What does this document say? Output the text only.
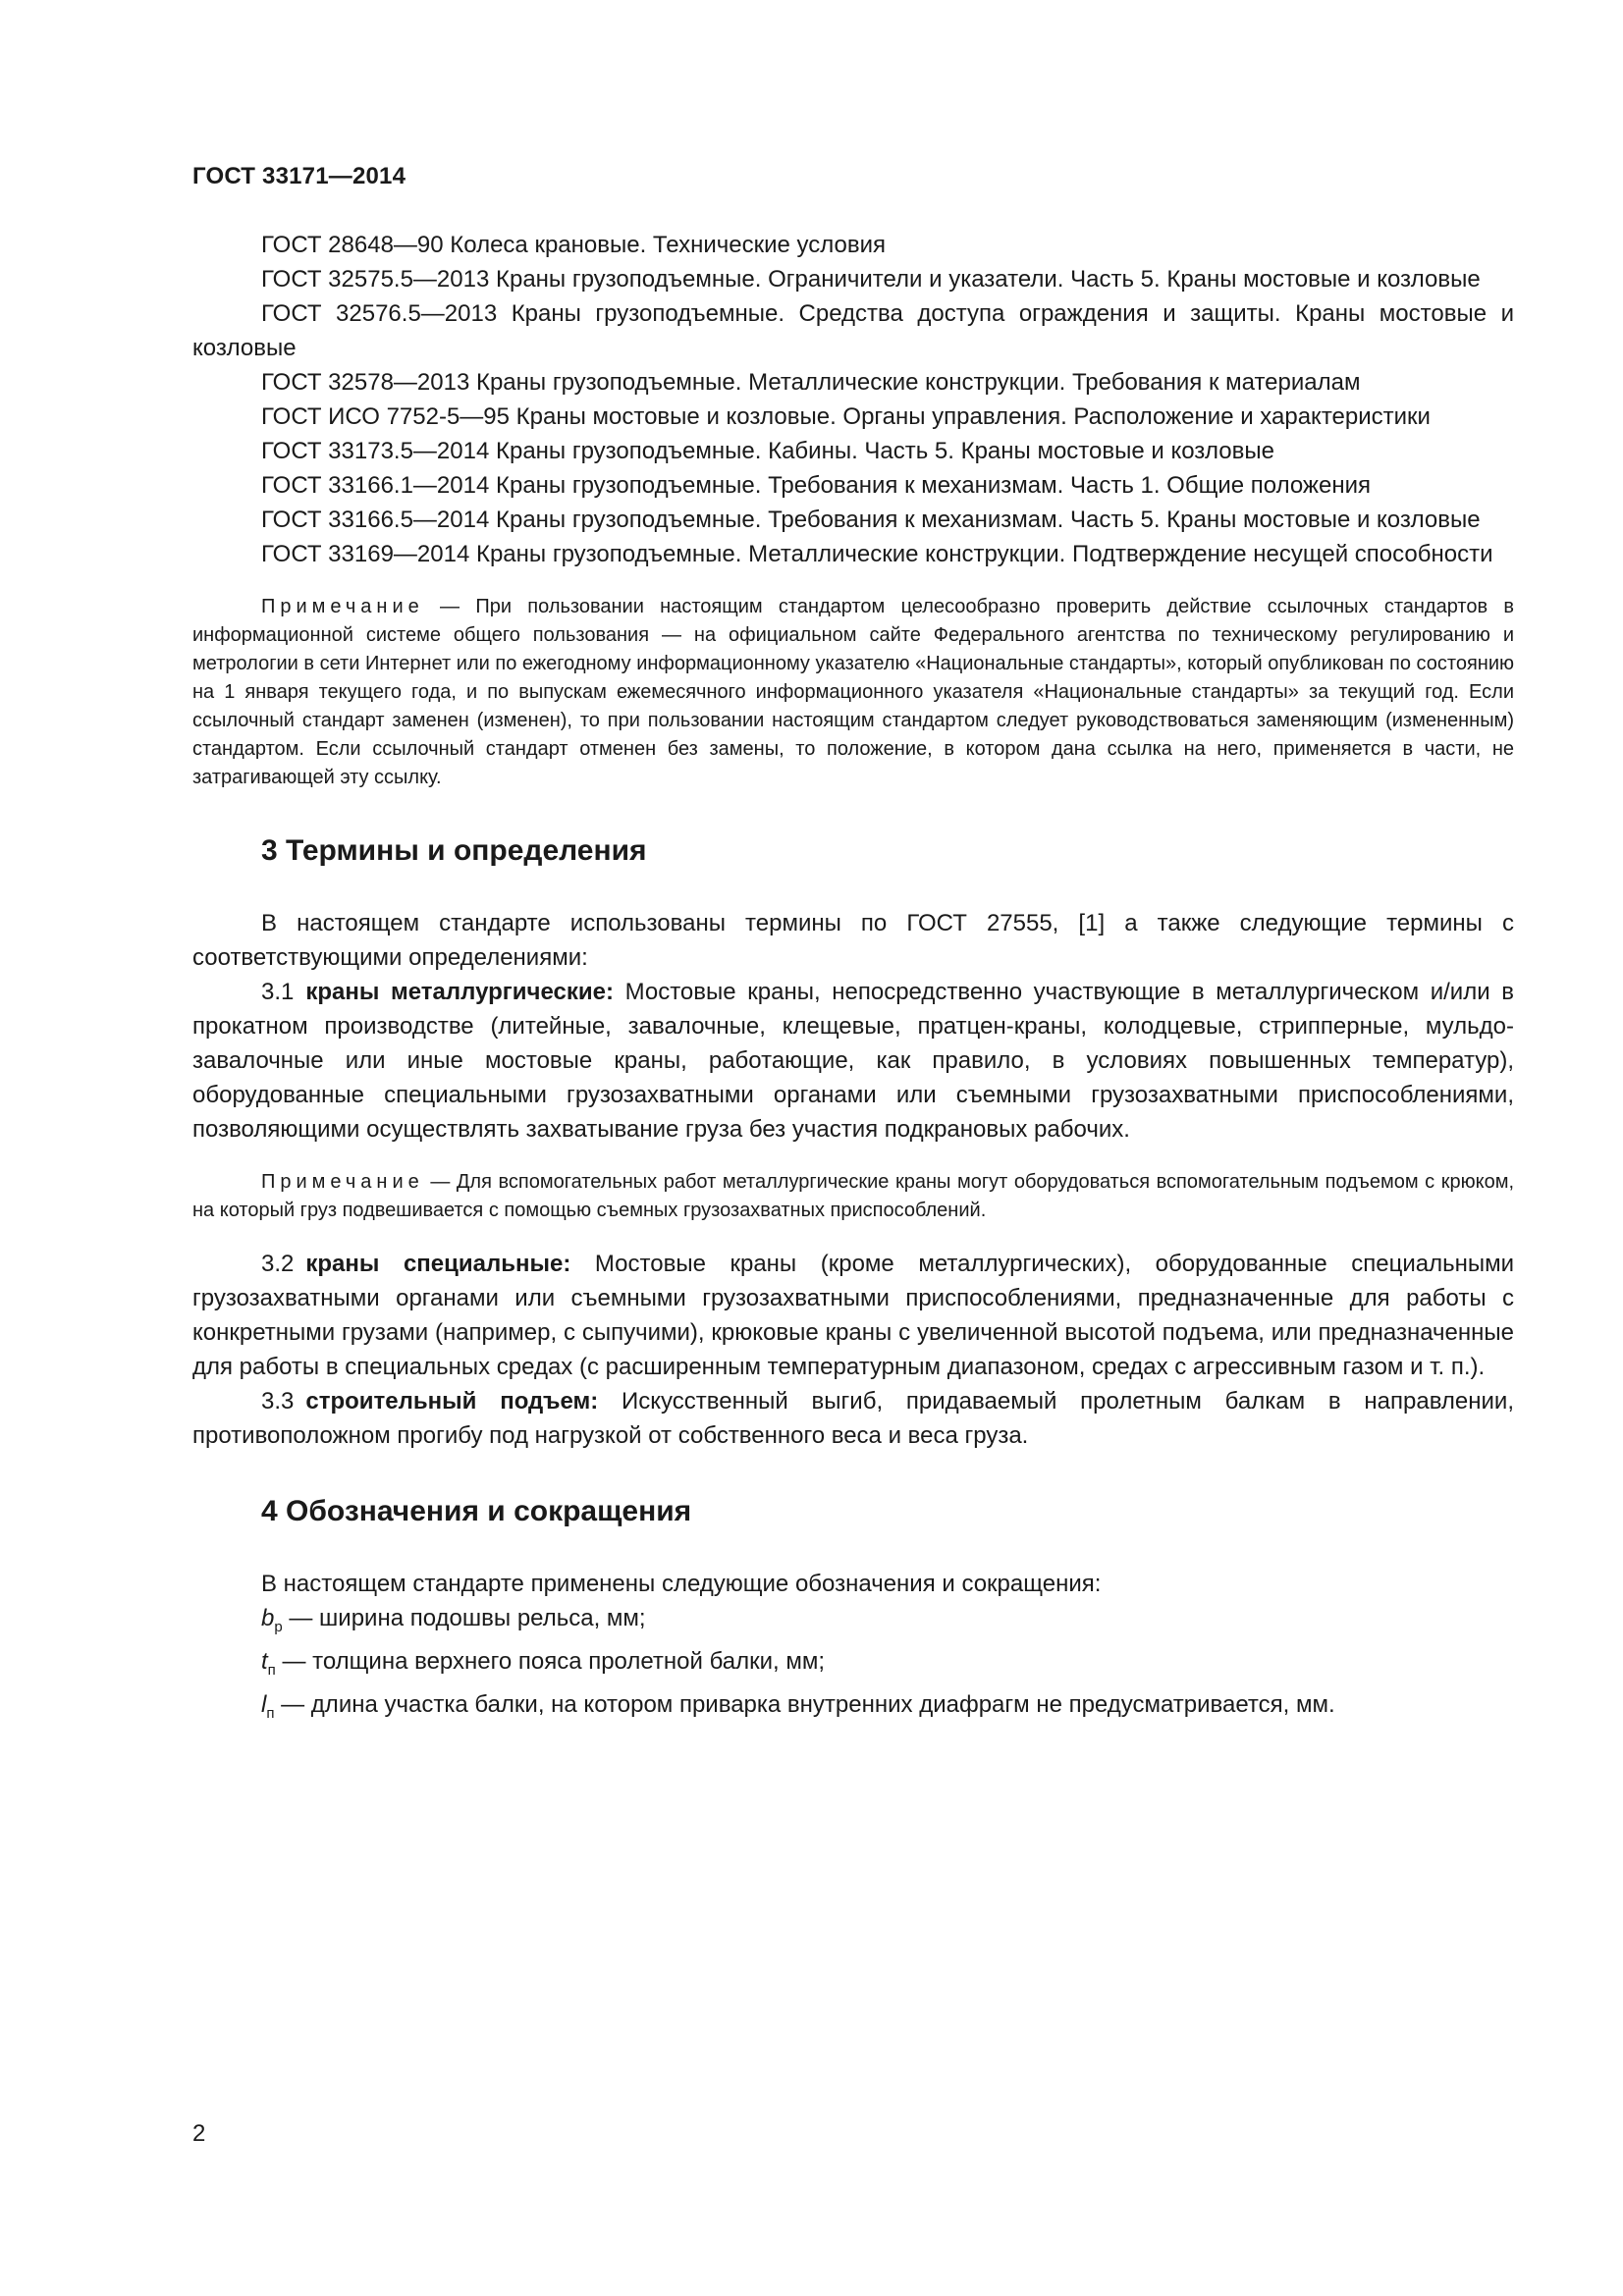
ГОСТ 33171—2014

ГОСТ 28648—90 Колеса крановые. Технические условия

ГОСТ 32575.5—2013 Краны грузоподъемные. Ограничители и указатели. Часть 5. Краны мостовые и козловые

ГОСТ 32576.5—2013 Краны грузоподъемные. Средства доступа ограждения и защиты. Краны мостовые и козловые

ГОСТ 32578—2013 Краны грузоподъемные. Металлические конструкции. Требования к материалам

ГОСТ ИСО 7752-5—95 Краны мостовые и козловые. Органы управления. Расположение и характеристики

ГОСТ 33173.5—2014 Краны грузоподъемные. Кабины. Часть 5. Краны мостовые и козловые

ГОСТ 33166.1—2014 Краны грузоподъемные. Требования к механизмам. Часть 1. Общие положения

ГОСТ 33166.5—2014 Краны грузоподъемные. Требования к механизмам. Часть 5. Краны мостовые и козловые

ГОСТ 33169—2014 Краны грузоподъемные. Металлические конструкции. Подтверждение несущей способности

Примечание — При пользовании настоящим стандартом целесообразно проверить действие ссылочных стандартов в информационной системе общего пользования — на официальном сайте Федерального агентства по техническому регулированию и метрологии в сети Интернет или по ежегодному информационному указателю «Национальные стандарты», который опубликован по состоянию на 1 января текущего года, и по выпускам ежемесячного информационного указателя «Национальные стандарты» за текущий год. Если ссылочный стандарт заменен (изменен), то при пользовании настоящим стандартом следует руководствоваться заменяющим (измененным) стандартом. Если ссылочный стандарт отменен без замены, то положение, в котором дана ссылка на него, применяется в части, не затрагивающей эту ссылку.

3 Термины и определения

В настоящем стандарте использованы термины по ГОСТ 27555, [1] а также следующие термины с соответствующими определениями:

3.1 краны металлургические: Мостовые краны, непосредственно участвующие в металлургическом и/или в прокатном производстве (литейные, завалочные, клещевые, пратцен-краны, колодцевые, стрипперные, мульдо-завалочные или иные мостовые краны, работающие, как правило, в условиях повышенных температур), оборудованные специальными грузозахватными органами или съемными грузозахватными приспособлениями, позволяющими осуществлять захватывание груза без участия подкрановых рабочих.

Примечание — Для вспомогательных работ металлургические краны могут оборудоваться вспомогательным подъемом с крюком, на который груз подвешивается с помощью съемных грузозахватных приспособлений.

3.2 краны специальные: Мостовые краны (кроме металлургических), оборудованные специальными грузозахватными органами или съемными грузозахватными приспособлениями, предназначенные для работы с конкретными грузами (например, с сыпучими), крюковые краны с увеличенной высотой подъема, или предназначенные для работы в специальных средах (с расширенным температурным диапазоном, средах с агрессивным газом и т. п.).

3.3 строительный подъем: Искусственный выгиб, придаваемый пролетным балкам в направлении, противоположном прогибу под нагрузкой от собственного веса и веса груза.

4 Обозначения и сокращения

В настоящем стандарте применены следующие обозначения и сокращения:

$b_р$ — ширина подошвы рельса, мм;

$t_п$ — толщина верхнего пояса пролетной балки, мм;

$l_п$ — длина участка балки, на котором приварка внутренних диафрагм не предусматривается, мм.

2
